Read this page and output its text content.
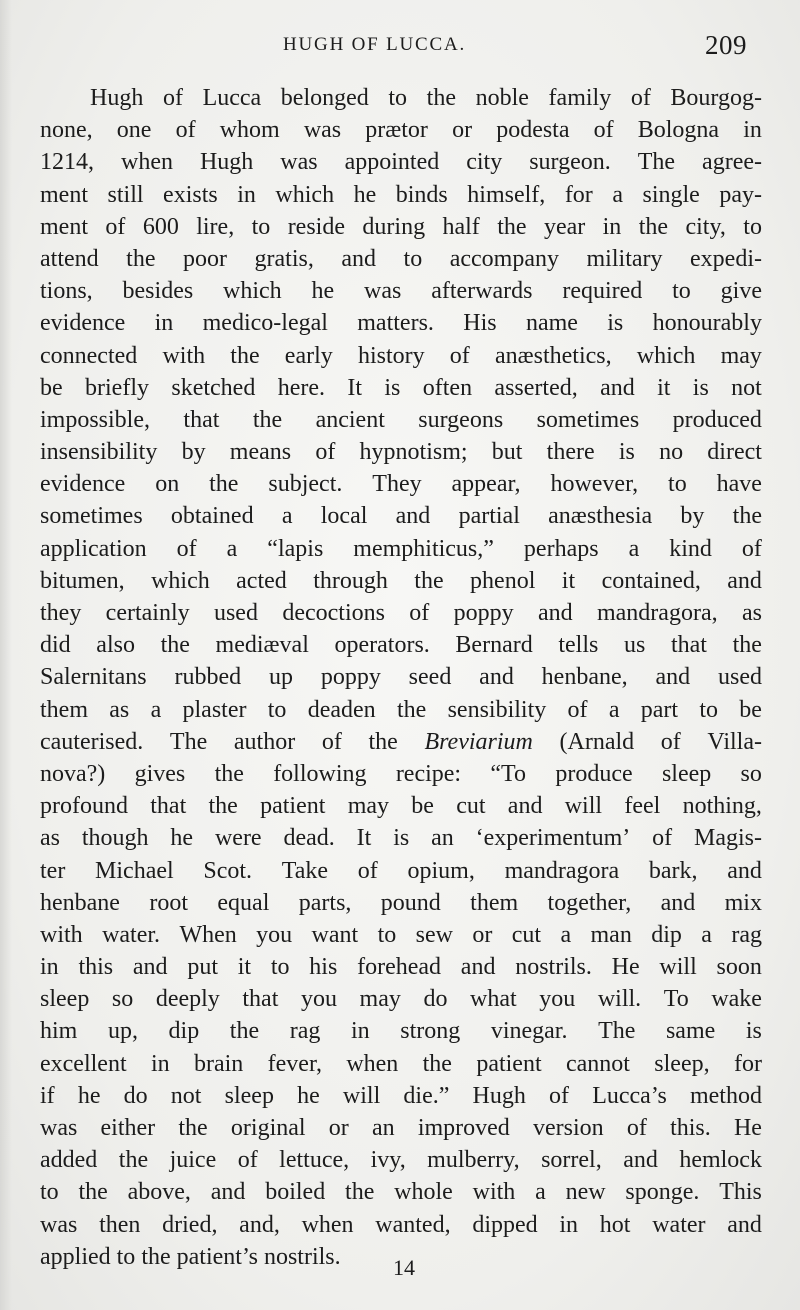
HUGH OF LUCCA.	209
Hugh of Lucca belonged to the noble family of Bourgog-
none, one of whom was prætor or podesta of Bologna in
1214, when Hugh was appointed city surgeon. The agree-
ment still exists in which he binds himself, for a single pay-
ment of 600 lire, to reside during half the year in the city, to
attend the poor gratis, and to accompany military expedi-
tions, besides which he was afterwards required to give
evidence in medico-legal matters. His name is honourably
connected with the early history of anæsthetics, which may
be briefly sketched here. It is often asserted, and it is not
impossible, that the ancient surgeons sometimes produced
insensibility by means of hypnotism; but there is no direct
evidence on the subject. They appear, however, to have
sometimes obtained a local and partial anæsthesia by the
application of a “lapis memphiticus,” perhaps a kind of
bitumen, which acted through the phenol it contained, and
they certainly used decoctions of poppy and mandragora, as
did also the mediæval operators. Bernard tells us that the
Salernitans rubbed up poppy seed and henbane, and used
them as a plaster to deaden the sensibility of a part to be
cauterised. The author of the Breviarium (Arnald of Villa-
nova?) gives the following recipe: “To produce sleep so
profound that the patient may be cut and will feel nothing,
as though he were dead. It is an ‘experimentum’ of Magis-
ter Michael Scot. Take of opium, mandragora bark, and
henbane root equal parts, pound them together, and mix
with water. When you want to sew or cut a man dip a rag
in this and put it to his forehead and nostrils. He will soon
sleep so deeply that you may do what you will. To wake
him up, dip the rag in strong vinegar. The same is
excellent in brain fever, when the patient cannot sleep, for
if he do not sleep he will die.” Hugh of Lucca’s method
was either the original or an improved version of this. He
added the juice of lettuce, ivy, mulberry, sorrel, and hemlock
to the above, and boiled the whole with a new sponge. This
was then dried, and, when wanted, dipped in hot water and
applied to the patient’s nostrils.	14
